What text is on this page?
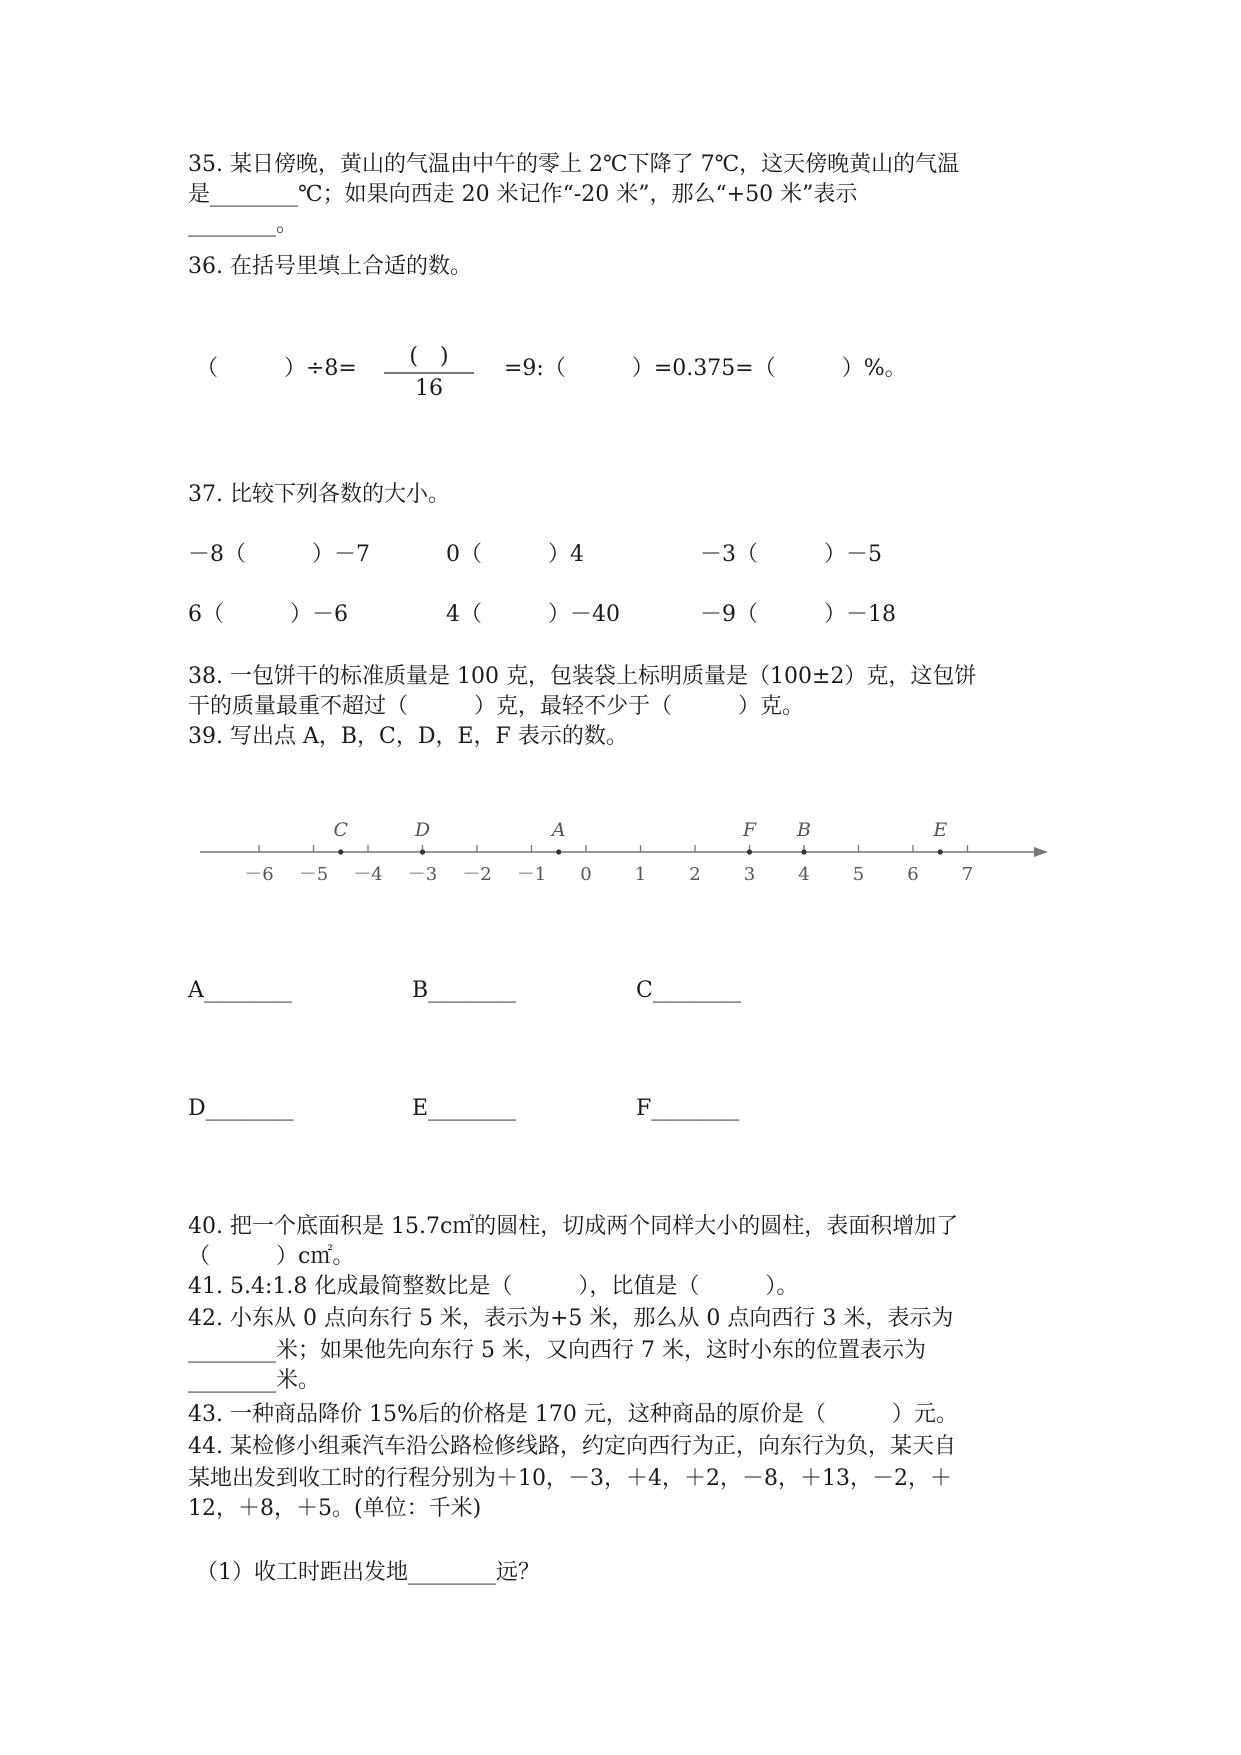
35. 某日傍晚，黄山的气温由中午的零上 2℃下降了 7℃，这天傍晚黄山的气温
是________℃；如果向西走 20 米记作“-20 米”，那么“+50 米”表示
________。
36. 在括号里填上合适的数。
（　　　）÷8=	(　)
16
=9:（　　　）=0.375=（　　　）%。
37. 比较下列各数的大小。
－8（　　　）－7	0（　　　）4	－3（　　　）－5
6（　　　）－6	4（　　　）－40	－9（　　　）－18
38. 一包饼干的标准质量是 100 克，包装袋上标明质量是（100±2）克，这包饼
干的质量最重不超过（　　　）克，最轻不少于（　　　）克。
39. 写出点 A，B，C，D，E，F 表示的数。
－6 －5 －4 －3 －2 －1 0 1 2 3 4 5 6 7
C	D	A	F B	E
A________	B________	C________
D________	E________	F________
40. 把一个底面积是 15.7c㎡的圆柱，切成两个同样大小的圆柱，表面积增加了
（　　　）c㎡。
41. 5.4:1.8 化成最简整数比是（　　　），比值是（　　　）。
42. 小东从 0 点向东行 5 米，表示为+5 米，那么从 0 点向西行 3 米，表示为
________米；如果他先向东行 5 米，又向西行 7 米，这时小东的位置表示为
________米。
43. 一种商品降价 15%后的价格是 170 元，这种商品的原价是（　　　）元。
44. 某检修小组乘汽车沿公路检修线路，约定向西行为正，向东行为负，某天自
某地出发到收工时的行程分别为＋10，－3，＋4，＋2，－8，＋13，－2，＋
12，＋8，＋5。(单位：千米)
（1）收工时距出发地________远？
